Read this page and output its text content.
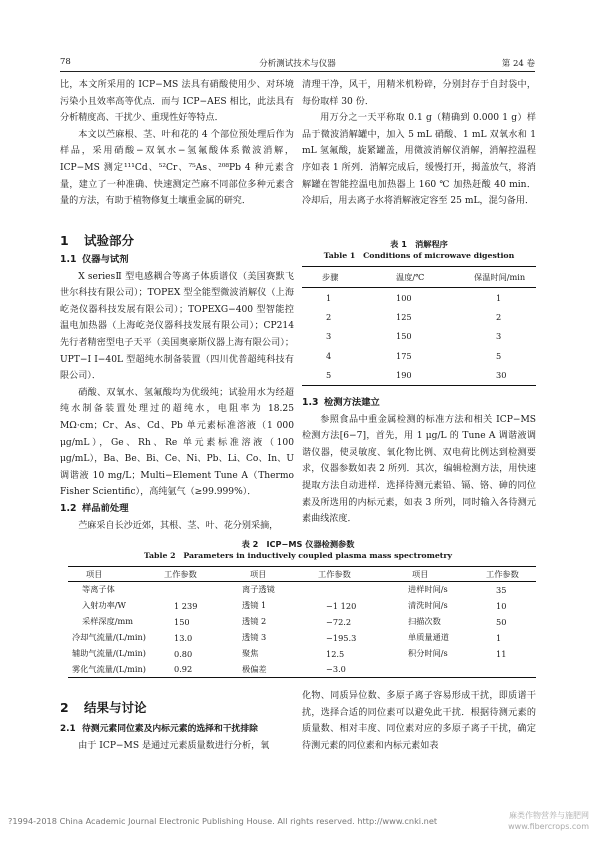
78	分析测试技术与仪器	第 24 卷

比，本文所采用的 ICP−MS 法具有硝酸使用少、对环境污染小且效率高等优点．而与 ICP−AES 相比，此法具有分析精度高、干扰少、重现性好等特点．

本文以苎麻根、茎、叶和花的 4 个部位预处理后作为样品，采用硝酸−双氧水−氢氟酸体系微波消解，ICP−MS 测定¹¹¹Cd、⁵²Cr、⁷⁵As、²⁰⁸Pb 4 种元素含量，建立了一种准确、快速测定苎麻不同部位多种元素含量的方法，有助于植物修复土壤重金属的研究．

1 试验部分
1.1 仪器与试剂

X seriesⅡ 型电感耦合等离子体质谱仪（美国赛默飞世尔科技有限公司）；TOPEX 型全能型微波消解仪（上海屹尧仪器科技发展有限公司）；TOPEXG−400 型智能控温电加热器（上海屹尧仪器科技发展有限公司）；CP214 先行者精密型电子天平（美国奥豪斯仪器上海有限公司）；UPT−I I−40L 型超纯水制备装置（四川优普超纯科技有限公司）．

硝酸、双氧水、氢氟酸均为优级纯；试验用水为经超纯水制备装置处理过的超纯水，电阻率为 18.25 MΩ·cm；Cr、As、Cd、Pb 单元素标准溶液（1 000 μg/mL），Ge、Rh、Re 单元素标准溶液（100 μg/mL），Ba、Be、Bi、Ce、Ni、Pb、Li、Co、In、U 调谐液 10 mg/L；Multi−Element Tune A（Thermo Fisher Scientific），高纯氩气（≥99.999%）．

1.2 样品前处理

苎麻采自长沙近郊，其根、茎、叶、花分别采摘，

清理干净，风干，用精米机粉碎，分别封存于自封袋中，每份取样 30 份．

用万分之一天平称取 0.1 g（精确到 0.000 1 g）样品于微波消解罐中，加入 5 mL 硝酸、1 mL 双氧水和 1 mL 氢氟酸，旋紧罐盖，用微波消解仪消解，消解控温程序如表 1 所列．消解完成后，缓慢打开，揭盖放气，将消解罐在智能控温电加热器上 160 ℃ 加热赶酸 40 min．冷却后，用去离子水将消解液定容至 25 mL，混匀备用．

表 1　消解程序
Table 1　Conditions of microwave digestion
步骤	温度/℃	保温时间/min
1	100	1
2	125	2
3	150	3
4	175	5
5	190	30
1.3 检测方法建立

参照食品中重金属检测的标准方法和相关 ICP−MS 检测方法[6−7]，首先，用 1 μg/L 的 Tune A 调谐液调谐仪器，使灵敏度、氧化物比例、双电荷比例达到检测要求，仪器参数如表 2 所列．其次，编辑检测方法，用快速提取方法自动进样．选择待测元素铅、镉、铬、砷的同位素及所选用的内标元素，如表 3 所列，同时输入各待测元素曲线浓度．

表 2　ICP−MS 仪器检测参数
Table 2　Parameters in inductively coupled plasma mass spectrometry
项目	工作参数	项目	工作参数	项目	工作参数
等离子体		离子透镜		进样时间/s	35
入射功率/W	1 239	透镜 1	−1 120	清洗时间/s	10
采样深度/mm	150	透镜 2	−72.2	扫描次数	50
冷却气流量/(L/min)	13.0	透镜 3	−195.3	单质量通道	1
辅助气流量/(L/min)	0.80	聚焦	12.5	积分时间/s	11
雾化气流量/(L/min)	0.92	极偏差	−3.0		
2 结果与讨论
2.1 待测元素同位素及内标元素的选择和干扰排除

由于 ICP−MS 是通过元素质量数进行分析，氧

化物、同质异位数、多原子离子容易形成干扰，即质谱干扰，选择合适的同位素可以避免此干扰．根据待测元素的质量数、相对丰度、同位素对应的多原子离子干扰，确定待测元素的同位素和内标元素如表

?1994-2018 China Academic Journal Electronic Publishing House. All rights reserved. http://www.cnki.net
麻类作物营养与施肥网 www.fibercrops.com
